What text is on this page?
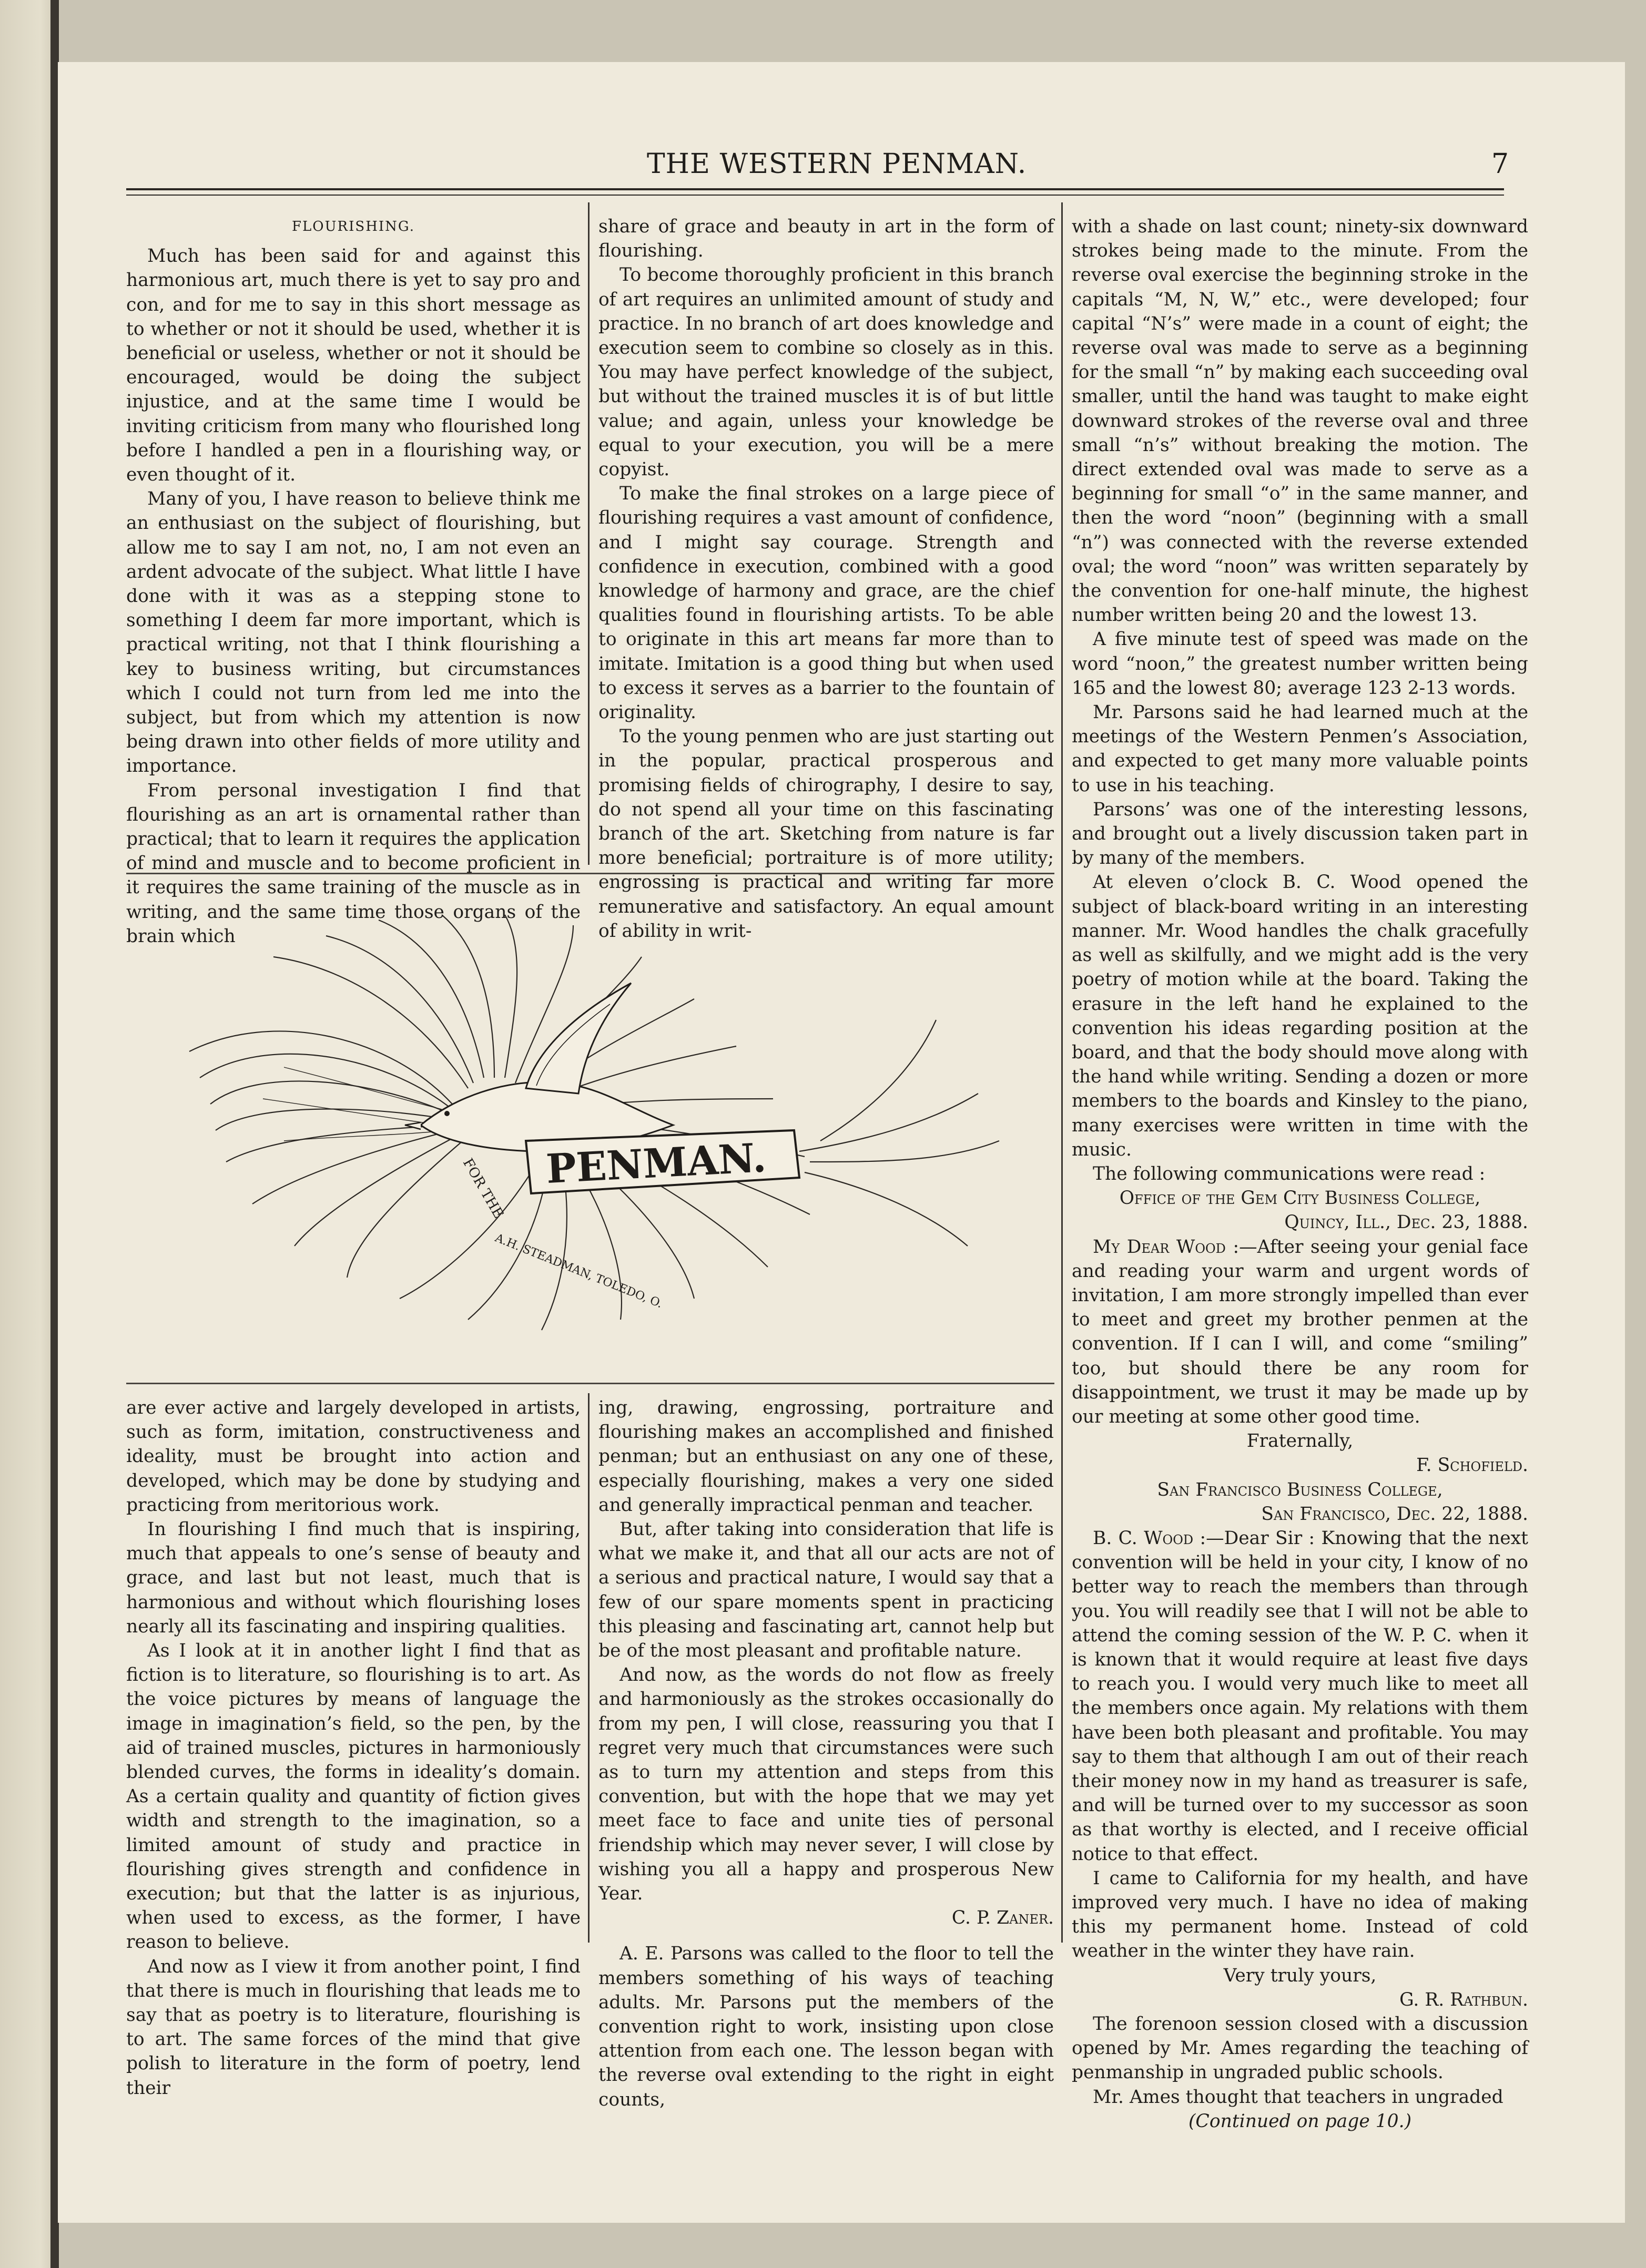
THE WESTERN PENMAN.	7
FLOURISHING.

Much has been said for and against this harmonious art, much there is yet to say pro and con, and for me to say in this short message as to whether or not it should be used, whether it is beneficial or useless, whether or not it should be encouraged, would be doing the subject injustice, and at the same time I would be inviting criticism from many who flourished long before I handled a pen in a flourishing way, or even thought of it.

Many of you, I have reason to believe think me an enthusiast on the subject of flourishing, but allow me to say I am not, no, I am not even an ardent advocate of the subject. What little I have done with it was as a stepping stone to something I deem far more important, which is practical writing, not that I think flourishing a key to business writing, but circumstances which I could not turn from led me into the subject, but from which my attention is now being drawn into other fields of more utility and importance.

From personal investigation I find that flourishing as an art is ornamental rather than practical; that to learn it requires the application of mind and muscle and to become proficient in it requires the same training of the muscle as in writing, and the same time those organs of the brain which

share of grace and beauty in art in the form of flourishing.

To become thoroughly proficient in this branch of art requires an unlimited amount of study and practice. In no branch of art does knowledge and execution seem to combine so closely as in this. You may have perfect knowledge of the subject, but without the trained muscles it is of but little value; and again, unless your knowledge be equal to your execution, you will be a mere copyist.

To make the final strokes on a large piece of flourishing requires a vast amount of confidence, and I might say courage. Strength and confidence in execution, combined with a good knowledge of harmony and grace, are the chief qualities found in flourishing artists. To be able to originate in this art means far more than to imitate. Imitation is a good thing but when used to excess it serves as a barrier to the fountain of originality.

To the young penmen who are just starting out in the popular, practical prosperous and promising fields of chirography, I desire to say, do not spend all your time on this fascinating branch of the art. Sketching from nature is far more beneficial; portraiture is of more utility; engrossing is practical and writing far more remunerative and satisfactory. An equal amount of ability in writ-

PENMAN.
FOR THE
A.H. STEADMAN, TOLEDO, O.

with a shade on last count; ninety-six downward strokes being made to the minute. From the reverse oval exercise the beginning stroke in the capitals “M, N, W,” etc., were developed; four capital “N’s” were made in a count of eight; the reverse oval was made to serve as a beginning for the small “n” by making each succeeding oval smaller, until the hand was taught to make eight downward strokes of the reverse oval and three small “n’s” without breaking the motion. The direct extended oval was made to serve as a beginning for small “o” in the same manner, and then the word “noon” (beginning with a small “n”) was connected with the reverse extended oval; the word “noon” was written separately by the convention for one-half minute, the highest number written being 20 and the lowest 13.

A five minute test of speed was made on the word “noon,” the greatest number written being 165 and the lowest 80; average 123 2-13 words.

Mr. Parsons said he had learned much at the meetings of the Western Penmen’s Association, and expected to get many more valuable points to use in his teaching.

Parsons’ was one of the interesting lessons, and brought out a lively discussion taken part in by many of the members.

At eleven o’clock B. C. Wood opened the subject of black-board writing in an interesting manner. Mr. Wood handles the chalk gracefully as well as skilfully, and we might add is the very poetry of motion while at the board. Taking the erasure in the left hand he explained to the convention his ideas regarding position at the board, and that the body should move along with the hand while writing. Sending a dozen or more members to the boards and Kinsley to the piano, many exercises were written in time with the music.

The following communications were read :

Office of the Gem City Business College,

Quincy, Ill., Dec. 23, 1888.

My Dear Wood :—After seeing your genial face and reading your warm and urgent words of invitation, I am more strongly impelled than ever to meet and greet my brother penmen at the convention. If I can I will, and come “smiling” too, but should there be any room for disappointment, we trust it may be made up by our meeting at some other good time.

Fraternally,

F. Schofield.

San Francisco Business College,

San Francisco, Dec. 22, 1888.

B. C. Wood :—Dear Sir : Knowing that the next convention will be held in your city, I know of no better way to reach the members than through you. You will readily see that I will not be able to attend the coming session of the W. P. C. when it is known that it would require at least five days to reach you. I would very much like to meet all the members once again. My relations with them have been both pleasant and profitable. You may say to them that although I am out of their reach their money now in my hand as treasurer is safe, and will be turned over to my successor as soon as that worthy is elected, and I receive official notice to that effect.

I came to California for my health, and have improved very much. I have no idea of making this my permanent home. Instead of cold weather in the winter they have rain.

Very truly yours,

G. R. Rathbun.

The forenoon session closed with a discussion opened by Mr. Ames regarding the teaching of penmanship in ungraded public schools.

Mr. Ames thought that teachers in ungraded

(Continued on page 10.)

are ever active and largely developed in artists, such as form, imitation, constructiveness and ideality, must be brought into action and developed, which may be done by studying and practicing from meritorious work.

In flourishing I find much that is inspiring, much that appeals to one’s sense of beauty and grace, and last but not least, much that is harmonious and without which flourishing loses nearly all its fascinating and inspiring qualities.

As I look at it in another light I find that as fiction is to literature, so flourishing is to art. As the voice pictures by means of language the image in imagination’s field, so the pen, by the aid of trained muscles, pictures in harmoniously blended curves, the forms in ideality’s domain. As a certain quality and quantity of fiction gives width and strength to the imagination, so a limited amount of study and practice in flourishing gives strength and confidence in execution; but that the latter is as injurious, when used to excess, as the former, I have reason to believe.

And now as I view it from another point, I find that there is much in flourishing that leads me to say that as poetry is to literature, flourishing is to art. The same forces of the mind that give polish to literature in the form of poetry, lend their

ing, drawing, engrossing, portraiture and flourishing makes an accomplished and finished penman; but an enthusiast on any one of these, especially flourishing, makes a very one sided and generally impractical penman and teacher.

But, after taking into consideration that life is what we make it, and that all our acts are not of a serious and practical nature, I would say that a few of our spare moments spent in practicing this pleasing and fascinating art, cannot help but be of the most pleasant and profitable nature.

And now, as the words do not flow as freely and harmoniously as the strokes occasionally do from my pen, I will close, reassuring you that I regret very much that circumstances were such as to turn my attention and steps from this convention, but with the hope that we may yet meet face to face and unite ties of personal friendship which may never sever, I will close by wishing you all a happy and prosperous New Year.

C. P. Zaner.

A. E. Parsons was called to the floor to tell the members something of his ways of teaching adults. Mr. Parsons put the members of the convention right to work, insisting upon close attention from each one. The lesson began with the reverse oval extending to the right in eight counts,
